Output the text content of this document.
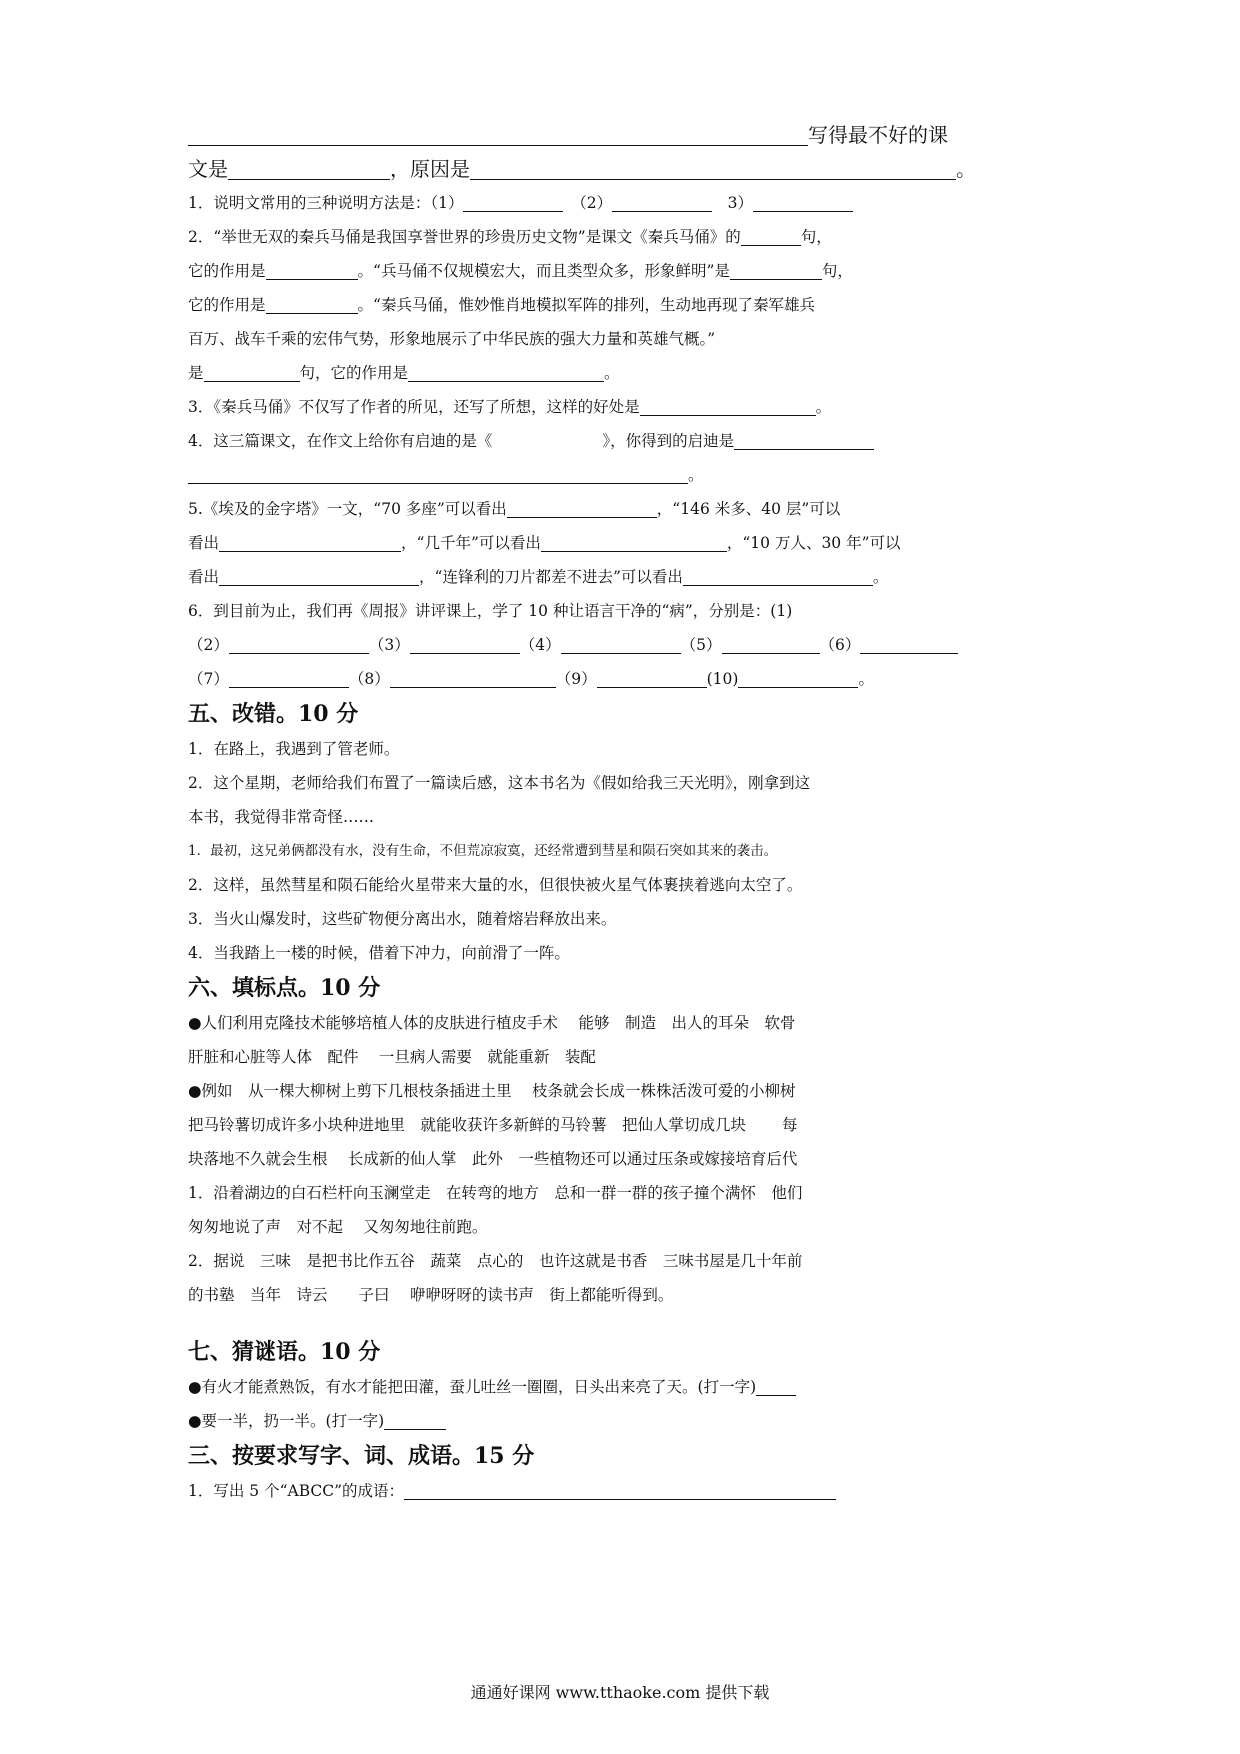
写得最不好的课
文是	，原因是	。
1．说明文常用的三种说明方法是：（1）　	（2）　	3）
2．“举世无双的秦兵马俑是我国享誉世界的珍贵历史文物”是课文《秦兵马俑》的	句，
它的作用是	。“兵马俑不仅规模宏大，而且类型众多，形象鲜明”是	句，
它的作用是	。“秦兵马俑，惟妙惟肖地模拟军阵的排列，生动地再现了秦军雄兵
百万、战车千乘的宏伟气势，形象地展示了中华民族的强大力量和英雄气概。”
是	句，它的作用是	。
3．《秦兵马俑》不仅写了作者的所见，还写了所想，这样的好处是	。
4．这三篇课文，在作文上给你有启迪的是《	》，你得到的启迪是
。
5.《埃及的金字塔》一文，“70 多座”可以看出	，“146 米多、40 层”可以
看出	，“几千年”可以看出	，“10 万人、30 年”可以
看出	，“连锋利的刀片都差不进去”可以看出	。
6．到目前为止，我们再《周报》讲评课上，学了 10 种让语言干净的“病”，分别是：(1)
（2）	（3）	（4）	（5）	（6）
（7）	（8）	（9）	(10)	。
五、改错。10 分
1．在路上，我遇到了管老师。
2．这个星期，老师给我们布置了一篇读后感，这本书名为《假如给我三天光明》，刚拿到这
本书，我觉得非常奇怪……
1．最初，这兄弟俩都没有水，没有生命，不但荒凉寂寞，还经常遭到彗星和陨石突如其来的袭击。
2．这样，虽然彗星和陨石能给火星带来大量的水，但很快被火星气体裹挟着逃向太空了。
3．当火山爆发时，这些矿物便分离出水，随着熔岩释放出来。
4．当我踏上一楼的时候，借着下冲力，向前滑了一阵。
六、填标点。10 分
●人们利用克隆技术能够培植人体的皮肤进行植皮手术　 能够　制造　出人的耳朵　软骨
肝脏和心脏等人体　配件　 一旦病人需要　就能重新　装配
●例如　从一棵大柳树上剪下几根枝条插进土里　 枝条就会长成一株株活泼可爱的小柳树
把马铃薯切成许多小块种进地里　就能收获许多新鲜的马铃薯　把仙人掌切成几块　　 每
块落地不久就会生根　 长成新的仙人掌　此外　一些植物还可以通过压条或嫁接培育后代
1．沿着湖边的白石栏杆向玉澜堂走　在转弯的地方　总和一群一群的孩子撞个满怀　他们
匆匆地说了声　对不起　 又匆匆地往前跑。
2．据说　三味　是把书比作五谷　蔬菜　点心的　也许这就是书香　三味书屋是几十年前
的书塾　当年　诗云　　子曰　 咿咿呀呀的读书声　街上都能听得到。
七、猜谜语。10 分
●有火才能煮熟饭，有水才能把田灌，蚕儿吐丝一圈圈，日头出来亮了天。(打一字)
●要一半，扔一半。(打一字)
三、按要求写字、词、成语。15 分
1．写出 5 个“ABCC”的成语：
通通好课网 www.tthaoke.com 提供下载
